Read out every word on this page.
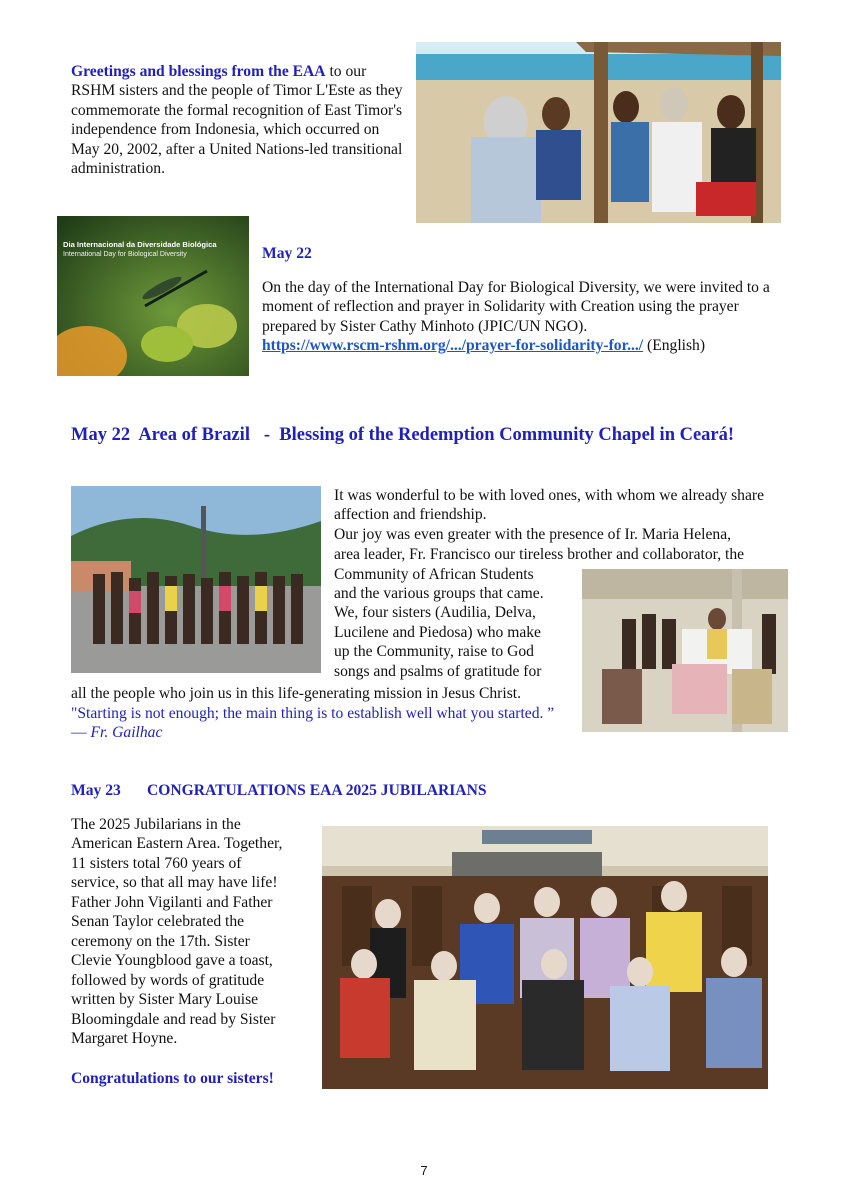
Greetings and blessings from the EAA to our RSHM sisters and the people of Timor L'Este as they commemorate the formal recognition of East Timor's independence from Indonesia, which occurred on May 20, 2002, after a United Nations-led transitional administration.
Dia Internacional da Diversidade Biológica
International Day for Biological Diversity	May 22
On the day of the International Day for Biological Diversity, we were invited to a moment of reflection and prayer in Solidarity with Creation using the prayer prepared by Sister Cathy Minhoto (JPIC/UN NGO).
https://www.rscm-rshm.org/.../prayer-for-solidarity-for.../ (English)
May 22  Area of Brazil   -  Blessing of the Redemption Community Chapel in Ceará!
It was wonderful to be with loved ones, with whom we already share affection and friendship.
Our joy was even greater with the presence of Ir. Maria Helena,
area leader, Fr. Francisco our tireless brother and collaborator, the
Community of African Students
and the various groups that came.
We, four sisters (Audilia, Delva,
Lucilene and Piedosa) who make
up the Community, raise to God
songs and psalms of gratitude for
all the people who join us in this life-generating mission in Jesus Christ.
"Starting is not enough; the main thing is to establish well what you started. ” — Fr. Gailhac
May 23 CONGRATULATIONS EAA 2025 JUBILARIANS
The 2025 Jubilarians in the
American Eastern Area. Together,
11 sisters total 760 years of
service, so that all may have life!
Father John Vigilanti and Father
Senan Taylor celebrated the
ceremony on the 17th. Sister
Clevie Youngblood gave a toast,
followed by words of gratitude
written by Sister Mary Louise
Bloomingdale and read by Sister
Margaret Hoyne.
Congratulations to our sisters!
7
